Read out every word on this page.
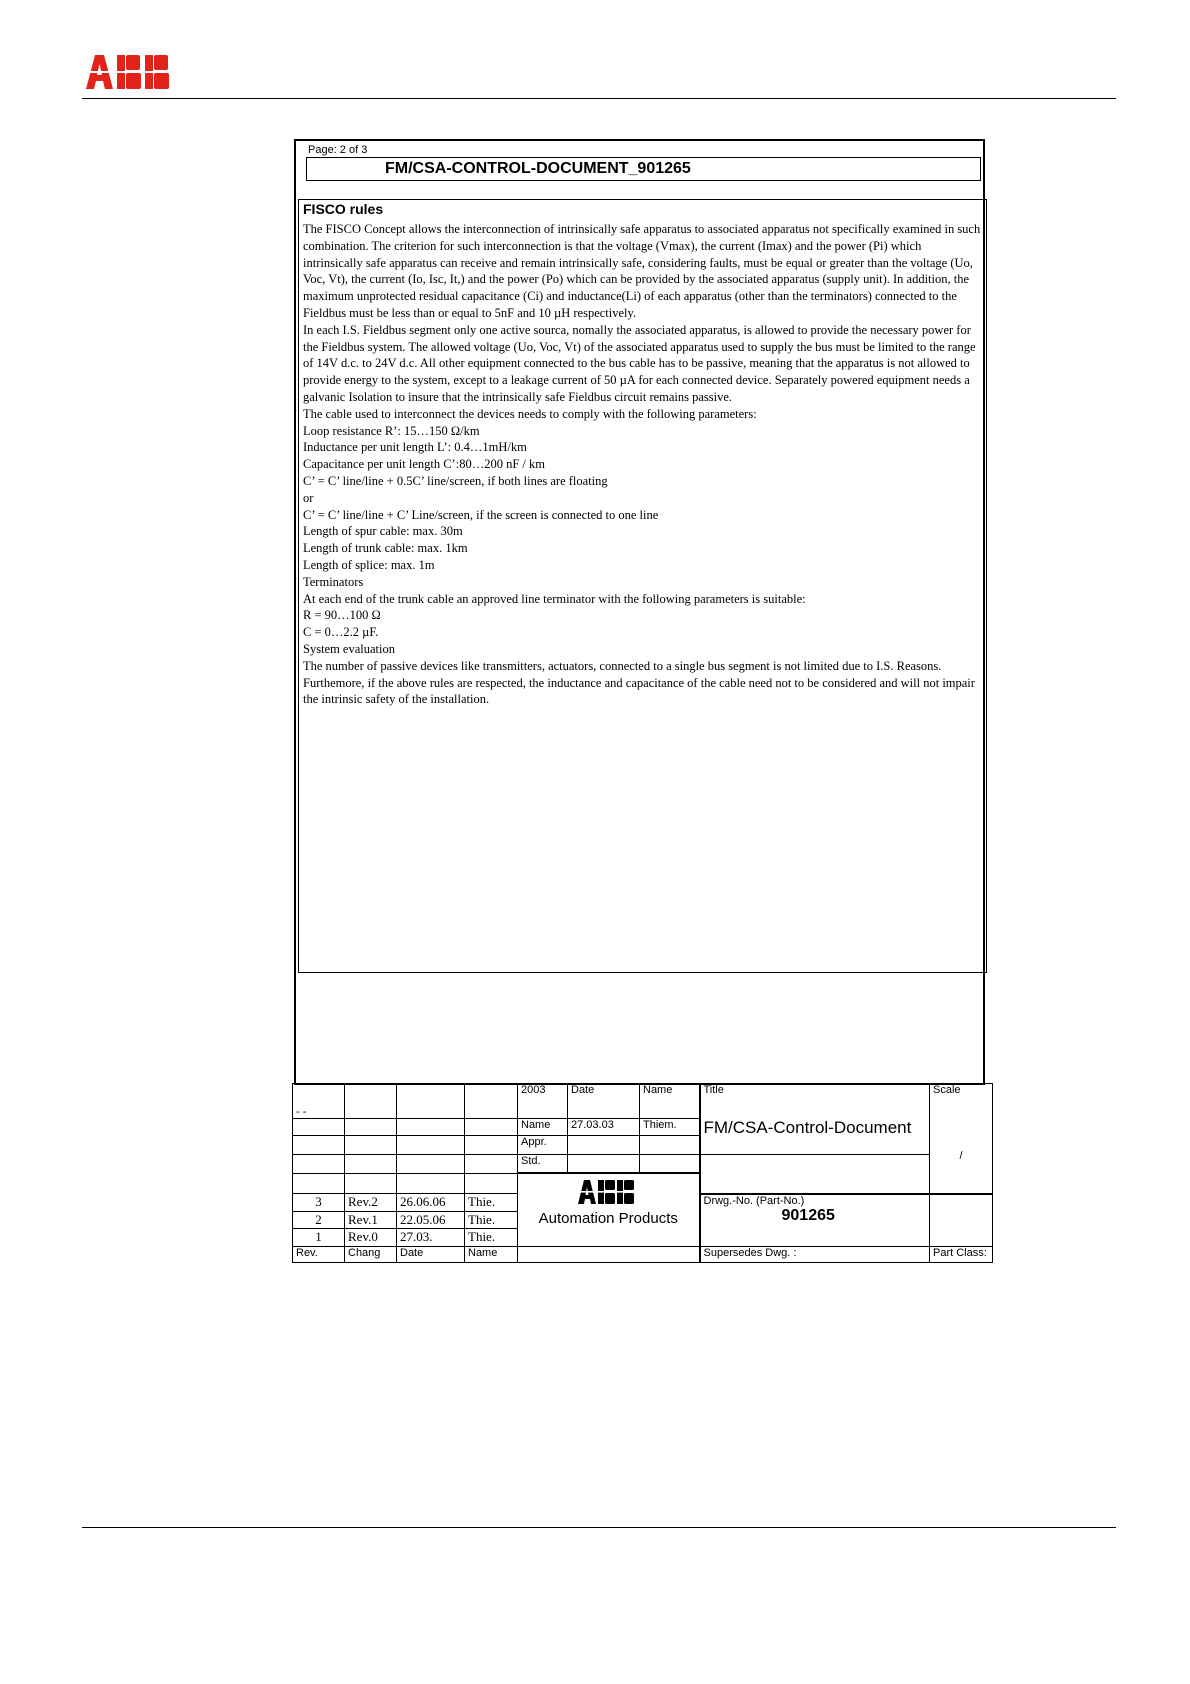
Page: 2 of 3
FM/CSA-CONTROL-DOCUMENT_901265
FISCO rules

The FISCO Concept allows the interconnection of intrinsically safe apparatus to associated apparatus not specifically examined in such combination. The criterion for such interconnection is that the voltage (Vmax), the current (Imax) and the power (Pi) which intrinsically safe apparatus can receive and remain intrinsically safe, considering faults, must be equal or greater than the voltage (Uo, Voc, Vt), the current (Io, Isc, It,) and the power (Po) which can be provided by the associated apparatus (supply unit). In addition, the maximum unprotected residual capacitance (Ci) and inductance(Li) of each apparatus (other than the terminators) connected to the Fieldbus must be less than or equal to 5nF and 10 µH respectively.

In each I.S. Fieldbus segment only one active sourca, nomally the associated apparatus, is allowed to provide the necessary power for the Fieldbus system. The allowed voltage (Uo, Voc, Vt) of the associated apparatus used to supply the bus must be limited to the range of 14V d.c. to 24V d.c. All other equipment connected to the bus cable has to be passive, meaning that the apparatus is not allowed to provide energy to the system, except to a leakage current of 50 µA for each connected device. Separately powered equipment needs a galvanic Isolation to insure that the intrinsically safe Fieldbus circuit remains passive.

The cable used to interconnect the devices needs to comply with the following parameters:

Loop resistance R’: 15…150 Ω/km

Inductance per unit length L’: 0.4…1mH/km

Capacitance per unit length C’:80…200 nF / km

C’ = C’ line/line + 0.5C’ line/screen, if both lines are floating

or

C’ = C’ line/line + C’ Line/screen, if the screen is connected to one line

Length of spur cable: max. 30m

Length of trunk cable: max. 1km

Length of splice: max. 1m

Terminators

At each end of the trunk cable an approved line terminator with the following parameters is suitable:

R = 90…100 Ω

C = 0…2.2 µF.

System evaluation

The number of passive devices like transmitters, actuators, connected to a single bus segment is not limited due to I.S. Reasons. Furthemore, if the above rules are respected, the inductance and capacitance of the cable need not to be considered and will not impair the intrinsic safety of the installation.

- -				2003	Date	Name	Title	Scale
				Name	27.03.03	Thiem.	FM/CSA-Control-Document	/
				Appr.				
				Std.				

				Automation Products				

3	Rev.2	26.06.06	Thie.				Drwg.-No. (Part-No.)
901265	

2	Rev.1	22.05.06	Thie.					
1	Rev.0	27.03.	Thie.					
Rev.	Chang	Date	Name				Supersedes Dwg. :	Part Class:
